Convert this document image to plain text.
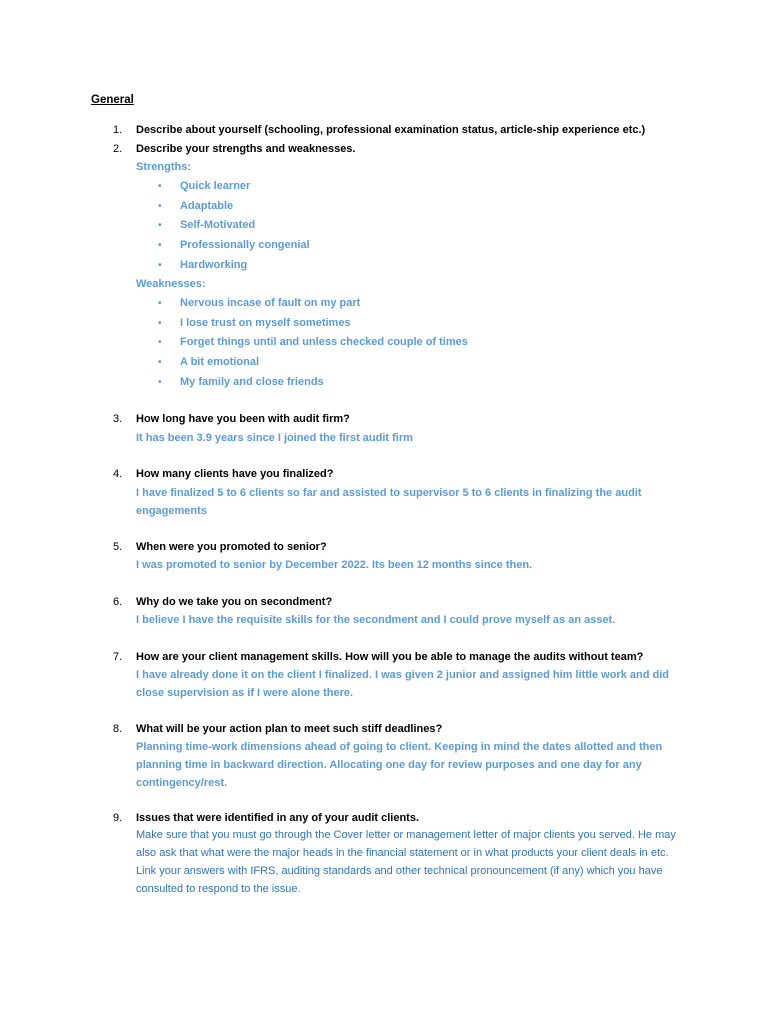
General
1. Describe about yourself (schooling, professional examination status, article-ship experience etc.)
2. Describe your strengths and weaknesses.
Strengths:
• Quick learner
• Adaptable
• Self-Motivated
• Professionally congenial
• Hardworking
Weaknesses:
• Nervous incase of fault on my part
• I lose trust on myself sometimes
• Forget things until and unless checked couple of times
• A bit emotional
• My family and close friends
3. How long have you been with audit firm?
It has been 3.9 years since I joined the first audit firm
4. How many clients have you finalized?
I have finalized 5 to 6 clients so far and assisted to supervisor 5 to 6 clients in finalizing the audit engagements
5. When were you promoted to senior?
I was promoted to senior by December 2022. Its been 12 months since then.
6. Why do we take you on secondment?
I believe I have the requisite skills for the secondment and I could prove myself as an asset.
7. How are your client management skills. How will you be able to manage the audits without team?
I have already done it on the client I finalized. I was given 2 junior and assigned him little work and did close supervision as if I were alone there.
8. What will be your action plan to meet such stiff deadlines?
Planning time-work dimensions ahead of going to client. Keeping in mind the dates allotted and then planning time in backward direction. Allocating one day for review purposes and one day for any contingency/rest.
9. Issues that were identified in any of your audit clients.
Make sure that you must go through the Cover letter or management letter of major clients you served. He may also ask that what were the major heads in the financial statement or in what products your client deals in etc. Link your answers with IFRS, auditing standards and other technical pronouncement (if any) which you have consulted to respond to the issue.
